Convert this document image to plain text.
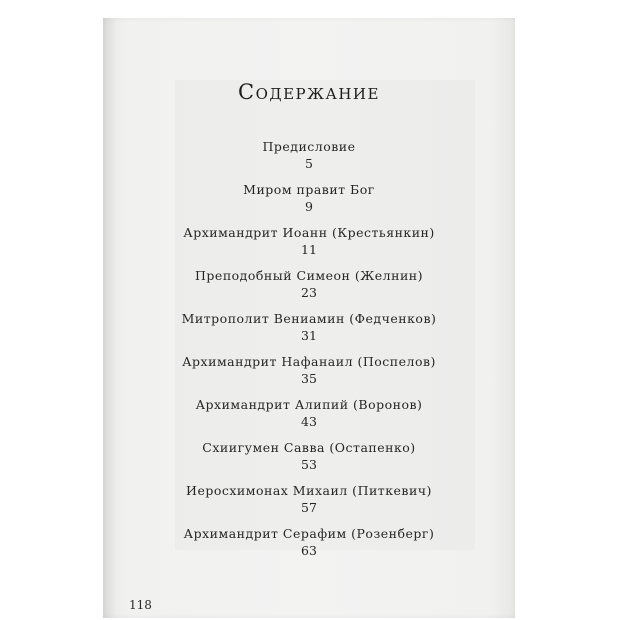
Содержание
Предисловие
5
Миром правит Бог
9
Архимандрит Иоанн (Крестьянкин)
11
Преподобный Симеон (Желнин)
23
Митрополит Вениамин (Федченков)
31
Архимандрит Нафанаил (Поспелов)
35
Архимандрит Алипий (Воронов)
43
Схиигумен Савва (Остапенко)
53
Иеросхимонах Михаил (Питкевич)
57
Архимандрит Серафим (Розенберг)
63
118
